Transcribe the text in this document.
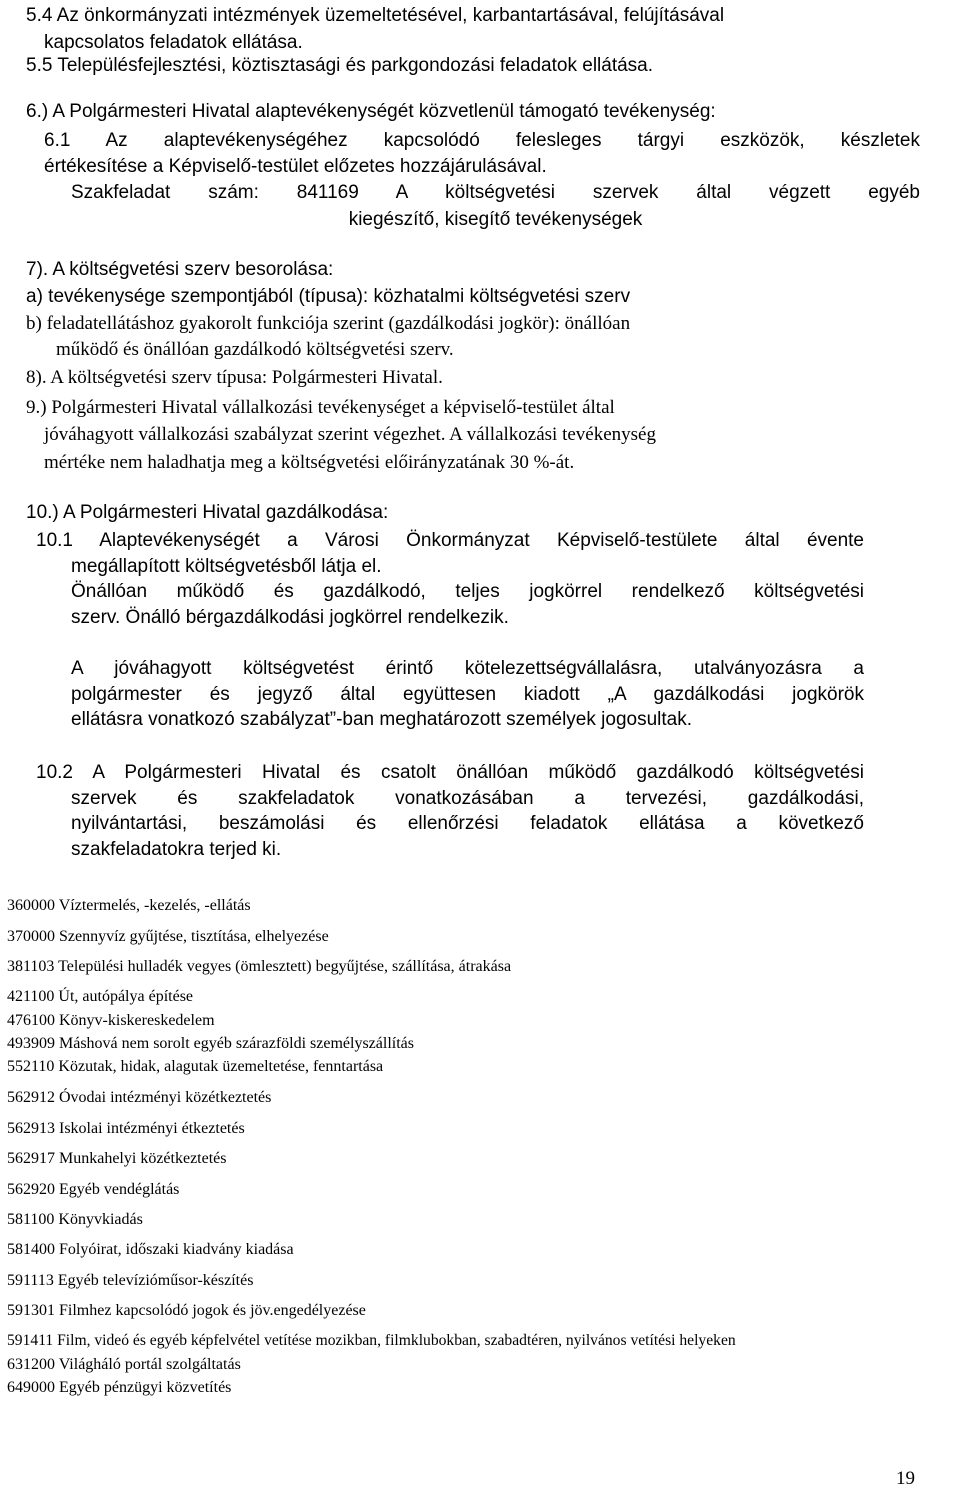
5.4 Az önkormányzati intézmények üzemeltetésével, karbantartásával, felújításával
kapcsolatos feladatok ellátása.
5.5 Településfejlesztési, köztisztasági és parkgondozási feladatok ellátása.
6.) A Polgármesteri Hivatal alaptevékenységét közvetlenül támogató tevékenység:
6.1 Az alaptevékenységéhez kapcsolódó felesleges tárgyi eszközök, készletek
értékesítése a Képviselő-testület előzetes hozzájárulásával.
Szakfeladat szám: 841169 A költségvetési szervek által végzett egyéb
kiegészítő, kisegítő tevékenységek
7). A költségvetési szerv besorolása:
a) tevékenysége szempontjából (típusa): közhatalmi költségvetési szerv
b) feladatellátáshoz gyakorolt funkciója szerint (gazdálkodási jogkör): önállóan
működő és önállóan gazdálkodó költségvetési szerv.
8). A költségvetési szerv típusa: Polgármesteri Hivatal.
9.) Polgármesteri Hivatal vállalkozási tevékenységet a képviselő-testület által
jóváhagyott vállalkozási szabályzat szerint végezhet. A vállalkozási tevékenység
mértéke nem haladhatja meg a költségvetési előirányzatának 30 %-át.
10.) A Polgármesteri Hivatal gazdálkodása:
10.1 Alaptevékenységét a Városi Önkormányzat Képviselő-testülete által évente
megállapított költségvetésből látja el.
Önállóan működő és gazdálkodó, teljes jogkörrel rendelkező költségvetési
szerv. Önálló bérgazdálkodási jogkörrel rendelkezik.
A jóváhagyott költségvetést érintő kötelezettségvállalásra, utalványozásra a
polgármester és jegyző által együttesen kiadott „A gazdálkodási jogkörök
ellátásra vonatkozó szabályzat”-ban meghatározott személyek jogosultak.
10.2 A Polgármesteri Hivatal és csatolt önállóan működő gazdálkodó költségvetési
szervek és szakfeladatok vonatkozásában a tervezési, gazdálkodási,
nyilvántartási, beszámolási és ellenőrzési feladatok ellátása a következő
szakfeladatokra terjed ki.
360000 Víztermelés, -kezelés, -ellátás
370000 Szennyvíz gyűjtése, tisztítása, elhelyezése
381103 Települési hulladék vegyes (ömlesztett) begyűjtése, szállítása, átrakása
421100 Út, autópálya építése
476100 Könyv-kiskereskedelem
493909 Máshová nem sorolt egyéb szárazföldi személyszállítás
552110 Közutak, hidak, alagutak üzemeltetése, fenntartása
562912 Óvodai intézményi közétkeztetés
562913 Iskolai intézményi étkeztetés
562917 Munkahelyi közétkeztetés
562920 Egyéb vendéglátás
581100 Könyvkiadás
581400 Folyóirat, időszaki kiadvány kiadása
591113 Egyéb televízióműsor-készítés
591301 Filmhez kapcsolódó jogok és jöv.engedélyezése
591411 Film, videó és egyéb képfelvétel vetítése mozikban, filmklubokban, szabadtéren, nyilvános vetítési helyeken
631200 Világháló portál szolgáltatás
649000 Egyéb pénzügyi közvetítés
19
